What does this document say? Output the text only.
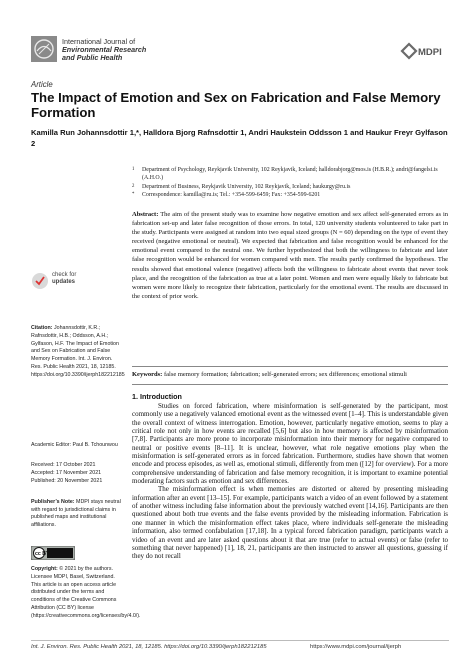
International Journal of
Environmental Research
and Public Health	MDPI
Article
The Impact of Emotion and Sex on Fabrication and False Memory Formation
Kamilla Run Johannsdottir 1,*, Halldora Bjorg Rafnsdottir 1, Andri Haukstein Oddsson 1 and Haukur Freyr Gylfason 2
1	Department of Psychology, Reykjavik University, 102 Reykjavik, Iceland; halldorabjorg@mos.is (H.B.R.); andri@fangelsi.is (A.H.O.)
2	Department of Business, Reykjavik University, 102 Reykjavik, Iceland; haukurgy@ru.is
*	Correspondence: kamilla@ru.is; Tel.: +354-599-6459; Fax: +354-599-6201
Abstract: The aim of the present study was to examine how negative emotion and sex affect self-generated errors as in fabrication set-up and later false recognition of those errors. In total, 120 university students volunteered to take part in the study. Participants were assigned at random into two equal sized groups (N = 60) depending on the type of event they received (negative emotional or neutral). We expected that fabrication and false recognition would be enhanced for the emotional event compared to the neutral one. We further hypothesized that both the willingness to fabricate and later false recognition would be enhanced for women compared with men. The results partly confirmed the hypotheses. The results showed that emotional valence (negative) affects both the willingness to fabricate about events that never took place, and the recognition of the fabrication as true at a later point. Women and men were equally likely to fabricate but women were more likely to recognize their fabrication, particularly for the emotional event. The results are discussed in the context of prior work.
Keywords: false memory formation; fabrication; self-generated errors; sex differences; emotional stimuli
1. Introduction

Studies on forced fabrication, where misinformation is self-generated by the participant, most commonly use a negatively valanced emotional event as the witnessed event [1–4]. This is understandable given the overall context of witness interrogation. Emotion, however, particularly negative emotion, seems to play a critical role not only in how events are recalled [5,6] but also in how memory is affected by misinformation [7,8]. Participants are more prone to incorporate misinformation into their memory for negative compared to neutral or positive events [8–11]. It is unclear, however, what role negative emotions play when the misinformation is self-generated errors as in forced fabrication. Furthermore, studies have shown that women encode and process episodes, as well as, emotional stimuli, differently from men ([12] for overview). For a more comprehensive understanding of fabrication and false memory recognition, it is important to examine potential moderating factors such as emotion and sex differences.

The misinformation effect is when memories are distorted or altered by presenting misleading information after an event [13–15]. For example, participants watch a video of an event followed by a statement of another witness including false information about the previously watched event [14,16]. Participants are then questioned about both true events and the false events provided by the misleading information. Fabrication is one manner in which the misinformation effect takes place, where individuals self-generate the misleading information, also termed confabulation [17,18]. In a typical forced fabrication paradigm, participants watch a video of an event and are later asked questions about it that are true (refer to actual events) or false (refer to something that never happened) [1], 18, 21, participants are then instructed to answer all questions, guessing if they do not recall

check for
updates
Citation: Johannsdottir, K.R.; Rafnsdottir, H.B.; Oddsson, A.H.; Gylfason, H.F. The Impact of Emotion and Sex on Fabrication and False Memory Formation. Int. J. Environ. Res. Public Health 2021, 18, 12185. https://doi.org/10.3390/ijerph182212185
Academic Editor: Paul B. Tchounwou
Received: 17 October 2021
Accepted: 17 November 2021
Published: 20 November 2021
Publisher’s Note: MDPI stays neutral with regard to jurisdictional claims in published maps and institutional affiliations.
cc BY
Copyright: © 2021 by the authors. Licensee MDPI, Basel, Switzerland. This article is an open access article distributed under the terms and conditions of the Creative Commons Attribution (CC BY) license (https://creativecommons.org/licenses/by/4.0/).
Int. J. Environ. Res. Public Health 2021, 18, 12185. https://doi.org/10.3390/ijerph182212185	https://www.mdpi.com/journal/ijerph
